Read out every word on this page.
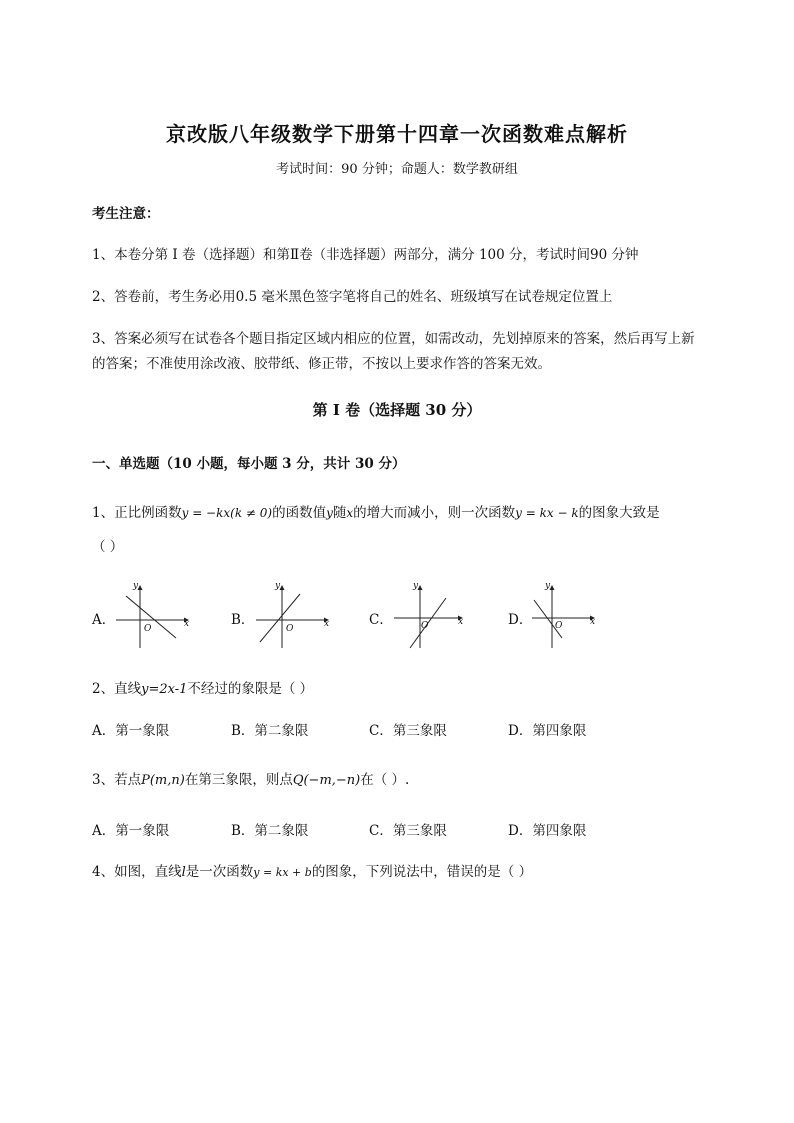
京改版八年级数学下册第十四章一次函数难点解析
考试时间：90 分钟；命题人：数学教研组
考生注意：
1、本卷分第 I 卷（选择题）和第Ⅱ卷（非选择题）两部分，满分 100 分，考试时间90 分钟
2、答卷前，考生务必用0.5 毫米黑色签字笔将自己的姓名、班级填写在试卷规定位置上
3、答案必须写在试卷各个题目指定区域内相应的位置，如需改动，先划掉原来的答案，然后再写上新
的答案；不准使用涂改液、胶带纸、修正带，不按以上要求作答的答案无效。
第 I 卷（选择题 30 分）
一、单选题（10 小题，每小题 3 分，共计 30 分）
1、正比例函数y = −kx(k ≠ 0)的函数值y随x的增大而减小，则一次函数y = kx − k的图象大致是
（ ）
A．
y
x
O
B．
y
x
O
C．
y
x
O	D．
y
x
O
2、直线y=2x-1不经过的象限是（ ）
A．第一象限	B．第二象限	C．第三象限	D．第四象限
3、若点P(m,n)在第三象限，则点Q(−m,−n)在（ ）.
A．第一象限	B．第二象限	C．第三象限	D．第四象限
4、如图，直线l是一次函数y = kx + b的图象，下列说法中，错误的是（ ）
